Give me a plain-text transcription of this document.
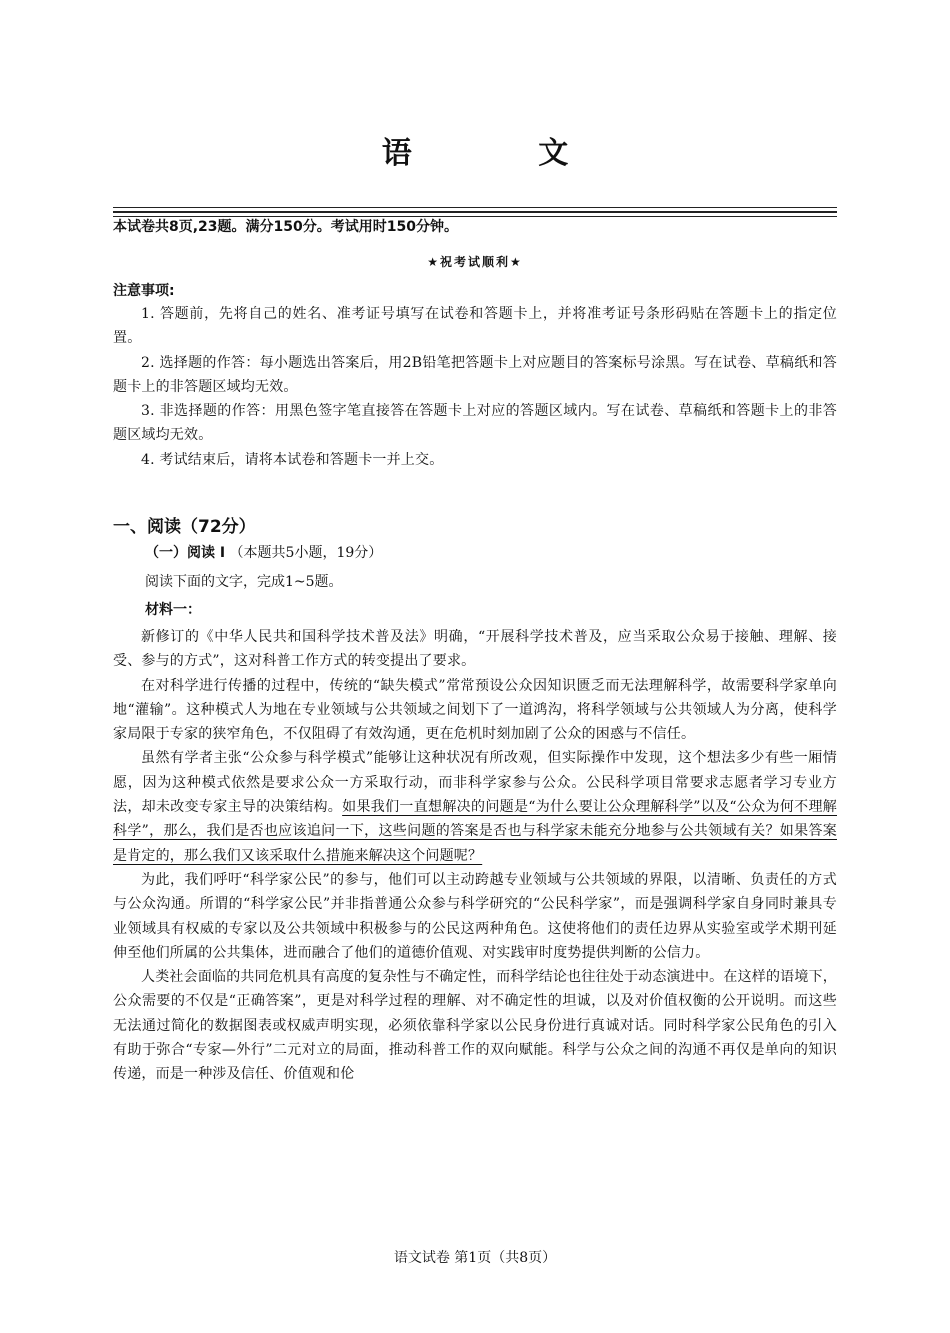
语 文
本试卷共8页,23题。满分150分。考试用时150分钟。
★祝考试顺利★
注意事项:

1. 答题前，先将自己的姓名、准考证号填写在试卷和答题卡上，并将准考证号条形码贴在答题卡上的指定位置。

2. 选择题的作答：每小题选出答案后，用2B铅笔把答题卡上对应题目的答案标号涂黑。写在试卷、草稿纸和答题卡上的非答题区域均无效。

3. 非选择题的作答：用黑色签字笔直接答在答题卡上对应的答题区域内。写在试卷、草稿纸和答题卡上的非答题区域均无效。

4. 考试结束后，请将本试卷和答题卡一并上交。

一、阅读（72分）
（一）阅读 I （本题共5小题，19分）
阅读下面的文字，完成1~5题。
材料一：

新修订的《中华人民共和国科学技术普及法》明确，“开展科学技术普及，应当采取公众易于接触、理解、接受、参与的方式”，这对科普工作方式的转变提出了要求。

在对科学进行传播的过程中，传统的“缺失模式”常常预设公众因知识匮乏而无法理解科学，故需要科学家单向地“灌输”。这种模式人为地在专业领域与公共领域之间划下了一道鸿沟，将科学领域与公共领域人为分离，使科学家局限于专家的狭窄角色，不仅阻碍了有效沟通，更在危机时刻加剧了公众的困惑与不信任。

虽然有学者主张“公众参与科学模式”能够让这种状况有所改观，但实际操作中发现，这个想法多少有些一厢情愿，因为这种模式依然是要求公众一方采取行动，而非科学家参与公众。公民科学项目常要求志愿者学习专业方法，却未改变专家主导的决策结构。如果我们一直想解决的问题是“为什么要让公众理解科学”以及“公众为何不理解科学”，那么，我们是否也应该追问一下，这些问题的答案是否也与科学家未能充分地参与公共领域有关？如果答案是肯定的，那么我们又该采取什么措施来解决这个问题呢？

为此，我们呼吁“科学家公民”的参与，他们可以主动跨越专业领域与公共领域的界限，以清晰、负责任的方式与公众沟通。所谓的“科学家公民”并非指普通公众参与科学研究的“公民科学家”，而是强调科学家自身同时兼具专业领域具有权威的专家以及公共领域中积极参与的公民这两种角色。这使将他们的责任边界从实验室或学术期刊延伸至他们所属的公共集体，进而融合了他们的道德价值观、对实践审时度势提供判断的公信力。

人类社会面临的共同危机具有高度的复杂性与不确定性，而科学结论也往往处于动态演进中。在这样的语境下，公众需要的不仅是“正确答案”，更是对科学过程的理解、对不确定性的坦诚，以及对价值权衡的公开说明。而这些无法通过简化的数据图表或权威声明实现，必须依靠科学家以公民身份进行真诚对话。同时科学家公民角色的引入有助于弥合“专家—外行”二元对立的局面，推动科普工作的双向赋能。科学与公众之间的沟通不再仅是单向的知识传递，而是一种涉及信任、价值观和伦

语文试卷 第1页（共8页）
